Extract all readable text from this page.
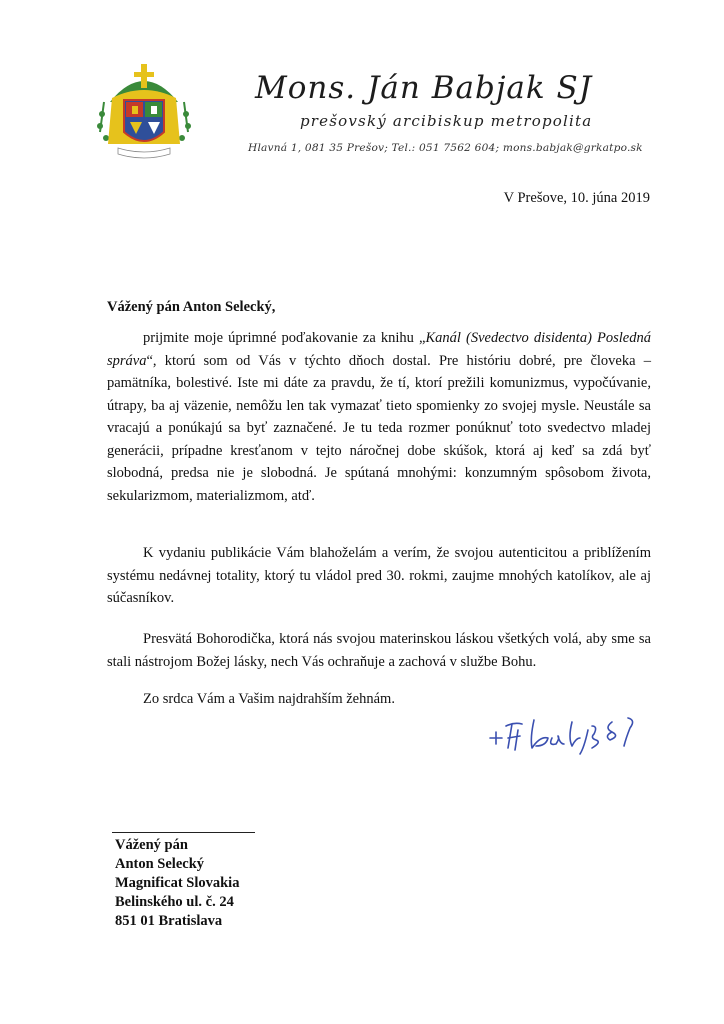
Mons. Ján Babjak SJ
prešovský arcibiskup metropolita
Hlavná 1, 081 35 Prešov; Tel.: 051 7562 604; mons.babjak@grkatpo.sk
V Prešove, 10. júna 2019
Vážený pán Anton Selecký,
prijmite moje úprimné poďakovanie za knihu „Kanál (Svedectvo disidenta) Posledná správa“, ktorú som od Vás v týchto dňoch dostal. Pre históriu dobré, pre človeka – pamätníka, bolestivé. Iste mi dáte za pravdu, že tí, ktorí prežili komunizmus, vypočúvanie, útrapy, ba aj väzenie, nemôžu len tak vymazať tieto spomienky zo svojej mysle. Neustále sa vracajú a ponúkajú sa byť zaznačené. Je tu teda rozmer ponúknuť toto svedectvo mladej generácii, prípadne kresťanom v tejto náročnej dobe skúšok, ktorá aj keď sa zdá byť slobodná, predsa nie je slobodná. Je spútaná mnohými: konzumným spôsobom života, sekularizmom, materializmom, atď.
K vydaniu publikácie Vám blahoželám a verím, že svojou autenticitou a priblížením systému nedávnej totality, ktorý tu vládol pred 30. rokmi, zaujme mnohých katolíkov, ale aj súčasníkov.
Presvätá Bohorodička, ktorá nás svojou materinskou láskou všetkých volá, aby sme sa stali nástrojom Božej lásky, nech Vás ochraňuje a zachová v službe Bohu.
Zo srdca Vám a Vašim najdrahším žehnám.
Vážený pán
Anton Selecký
Magnificat Slovakia
Belinského ul. č. 24
851 01 Bratislava
